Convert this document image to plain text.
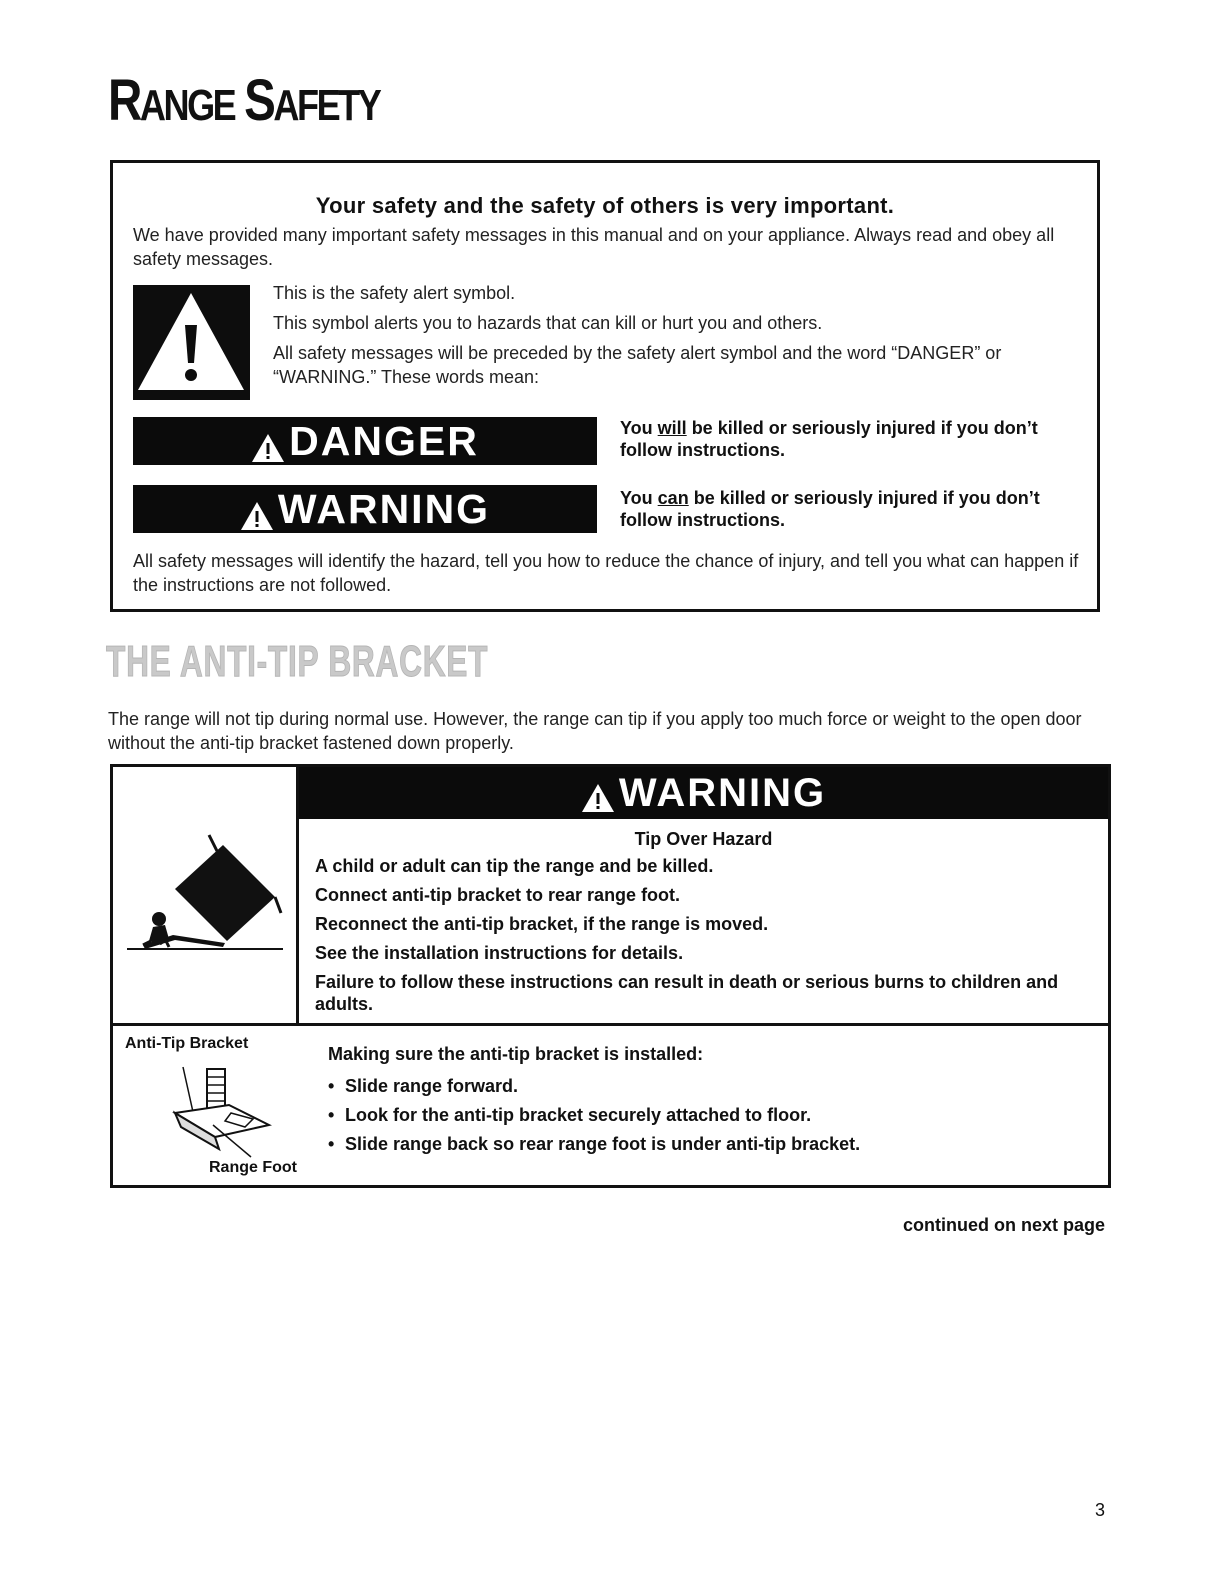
RANGE SAFETY
Your safety and the safety of others is very important.
We have provided many important safety messages in this manual and on your appliance. Always read and obey all safety messages.

This is the safety alert symbol.

This symbol alerts you to hazards that can kill or hurt you and others.

All safety messages will be preceded by the safety alert symbol and the word “DANGER” or “WARNING.” These words mean:

DANGER	You will be killed or seriously injured if you don’t follow instructions.
WARNING	You can be killed or seriously injured if you don’t follow instructions.
All safety messages will identify the hazard, tell you how to reduce the chance of injury, and tell you what can happen if the instructions are not followed.
THE ANTI-TIP BRACKET
The range will not tip during normal use. However, the range can tip if you apply too much force or weight to the open door without the anti-tip bracket fastened down properly.
WARNING
Tip Over Hazard

A child or adult can tip the range and be killed.

Connect anti-tip bracket to rear range foot.

Reconnect the anti-tip bracket, if the range is moved.

See the installation instructions for details.

Failure to follow these instructions can result in death or serious burns to children and adults.

Anti-Tip Bracket
Range Foot
Making sure the anti-tip bracket is installed:
• Slide range forward.
• Look for the anti-tip bracket securely attached to floor.
• Slide range back so rear range foot is under anti-tip bracket.
continued on next page
3
